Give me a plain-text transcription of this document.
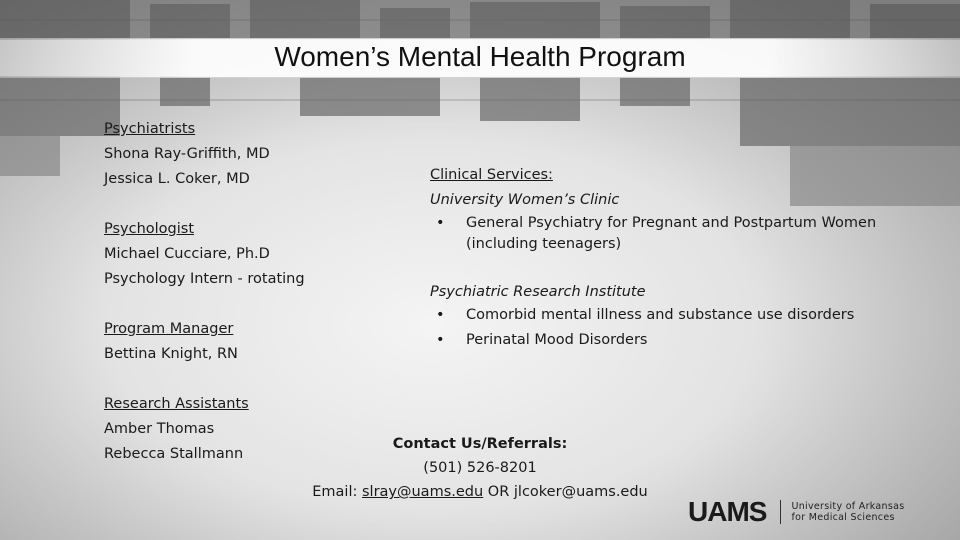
Women’s Mental Health Program
Psychiatrists
Shona Ray-Griffith, MD
Jessica L. Coker, MD
Psychologist
Michael Cucciare, Ph.D
Psychology Intern - rotating
Program Manager
Bettina Knight, RN
Research Assistants
Amber Thomas
Rebecca Stallmann
Clinical Services:
University Women’s Clinic
• General Psychiatry for Pregnant and Postpartum Women (including teenagers)
Psychiatric Research Institute
• Comorbid mental illness and substance use disorders
• Perinatal Mood Disorders
Contact Us/Referrals:
(501) 526-8201
Email: slray@uams.edu OR jlcoker@uams.edu
UAMS	University of Arkansas
for Medical Sciences
